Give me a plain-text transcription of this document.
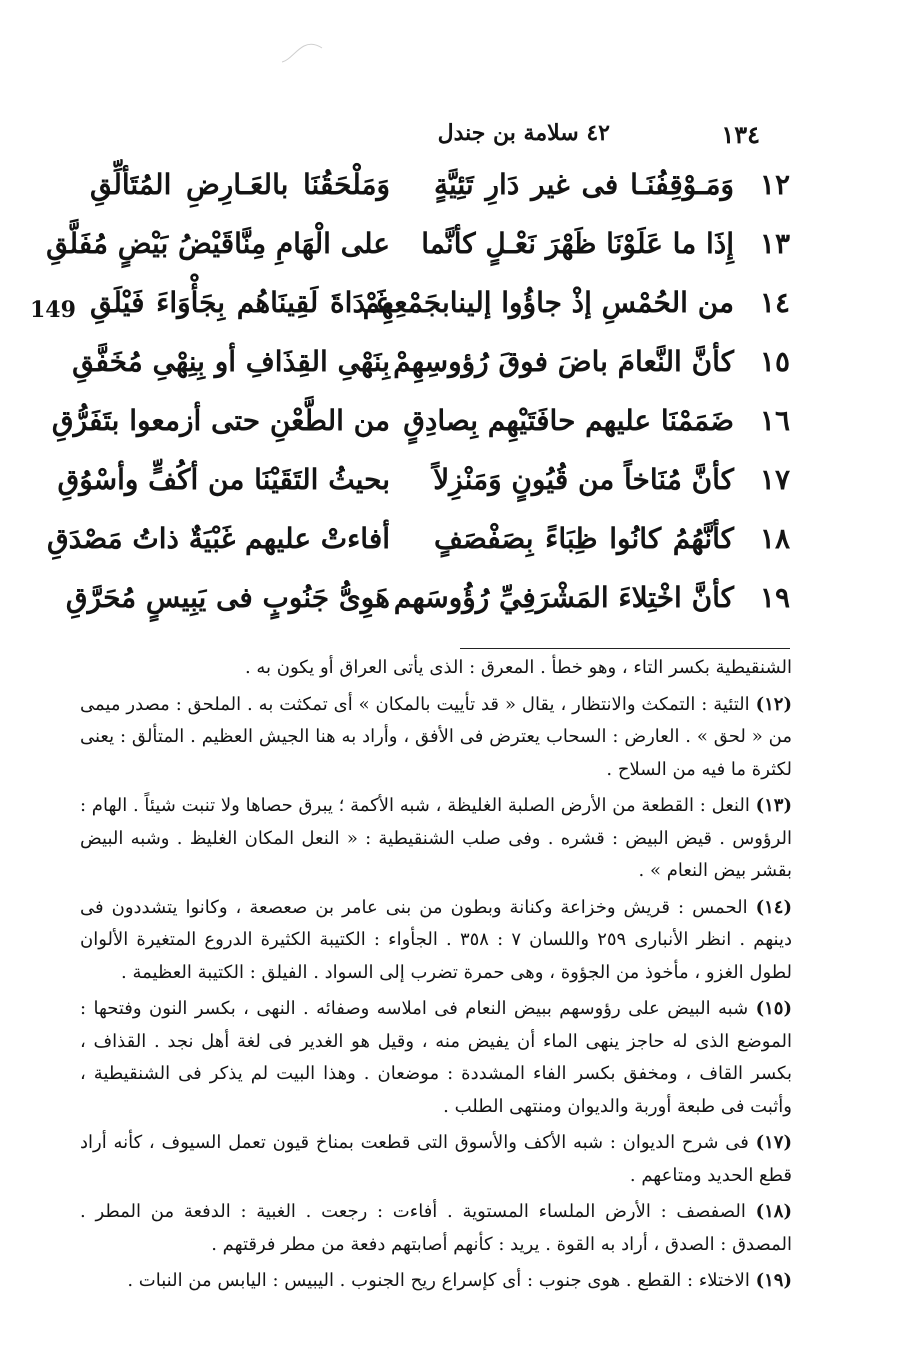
١٣٤
٤٢ سلامة بن جندل
149
١٢
وَمَـوْقِفُنَـا فى غير دَارِ تَئِيَّةٍ
وَمَلْحَقُنَا بالعَـارِضِ المُتَألِّقِ
١٣
إِذَا ما عَلَوْنَا ظَهْرَ نَعْـلٍ كأنَّما
على الْهَامِ مِنَّاقَيْضُ بَيْضٍ مُفَلَّقِ
١٤
من الحُمْسِ إذْ جاؤُوا إلينابجَمْعِهِمْ
غَـدَاةَ لَقِينَاهُم بِجَأْوَاءَ فَيْلَقِ
١٥
كأنَّ النَّعامَ باضَ فوقَ رُؤوسِهِمْ
بِنَهْىِ القِذَافِ أو بِنِهْىِ مُخَفَّقِ
١٦
ضَمَمْنَا عليهم حافَتَيْهِم بِصادِقٍ
من الطَّعْنِ حتى أزمعوا بتَفَرُّقِ
١٧
كأنَّ مُنَاخاً من قُيُونٍ وَمَنْزِلاً
بحيثُ التَقَيْنَا من أكُفٍّ وأسْوُقِ
١٨
كأنَّهُمُ كانُوا ظِبَاءً بِصَفْصَفٍ
أفاءتْ عليهم غَبْيَةٌ ذاتُ مَصْدَقِ
١٩
كأنَّ اخْتِلاءَ المَشْرَفِيِّ رُؤُوسَهم
هَوِىُّ جَنُوبٍ فى يَبِيسٍ مُحَرَّقِ

الشنقيطية بكسر التاء ، وهو خطأ . المعرق : الذى يأتى العراق أو يكون به .

(١٢) التئية : التمكث والانتظار ، يقال « قد تأييت بالمكان » أى تمكثت به . الملحق : مصدر ميمى من « لحق » . العارض : السحاب يعترض فى الأفق ، وأراد به هنا الجيش العظيم . المتألق : يعنى لكثرة ما فيه من السلاح .

(١٣) النعل : القطعة من الأرض الصلبة الغليظة ، شبه الأكمة ؛ يبرق حصاها ولا تنبت شيئاً . الهام : الرؤوس . قيض البيض : قشره . وفى صلب الشنقيطية : « النعل المكان الغليظ . وشبه البيض بقشر بيض النعام » .

(١٤) الحمس : قريش وخزاعة وكنانة وبطون من بنى عامر بن صعصعة ، وكانوا يتشددون فى دينهم . انظر الأنبارى ٢٥٩ واللسان ٧ : ٣٥٨ . الجأواء : الكتيبة الكثيرة الدروع المتغيرة الألوان لطول الغزو ، مأخوذ من الجؤوة ، وهى حمرة تضرب إلى السواد . الفيلق : الكتيبة العظيمة .

(١٥) شبه البيض على رؤوسهم ببيض النعام فى املاسه وصفائه . النهى ، بكسر النون وفتحها : الموضع الذى له حاجز ينهى الماء أن يفيض منه ، وقيل هو الغدير فى لغة أهل نجد . القذاف ، بكسر القاف ، ومخفق بكسر الفاء المشددة : موضعان . وهذا البيت لم يذكر فى الشنقيطية ، وأثبت فى طبعة أوربة والديوان ومنتهى الطلب .

(١٧) فى شرح الديوان : شبه الأكف والأسوق التى قطعت بمناخ قيون تعمل السيوف ، كأنه أراد قطع الحديد ومتاعهم .

(١٨) الصفصف : الأرض الملساء المستوية . أفاءت : رجعت . الغبية : الدفعة من المطر . المصدق : الصدق ، أراد به القوة . يريد : كأنهم أصابتهم دفعة من مطر فرقتهم .

(١٩) الاختلاء : القطع . هوى جنوب : أى كإسراع ريح الجنوب . اليبيس : اليابس من النبات .
